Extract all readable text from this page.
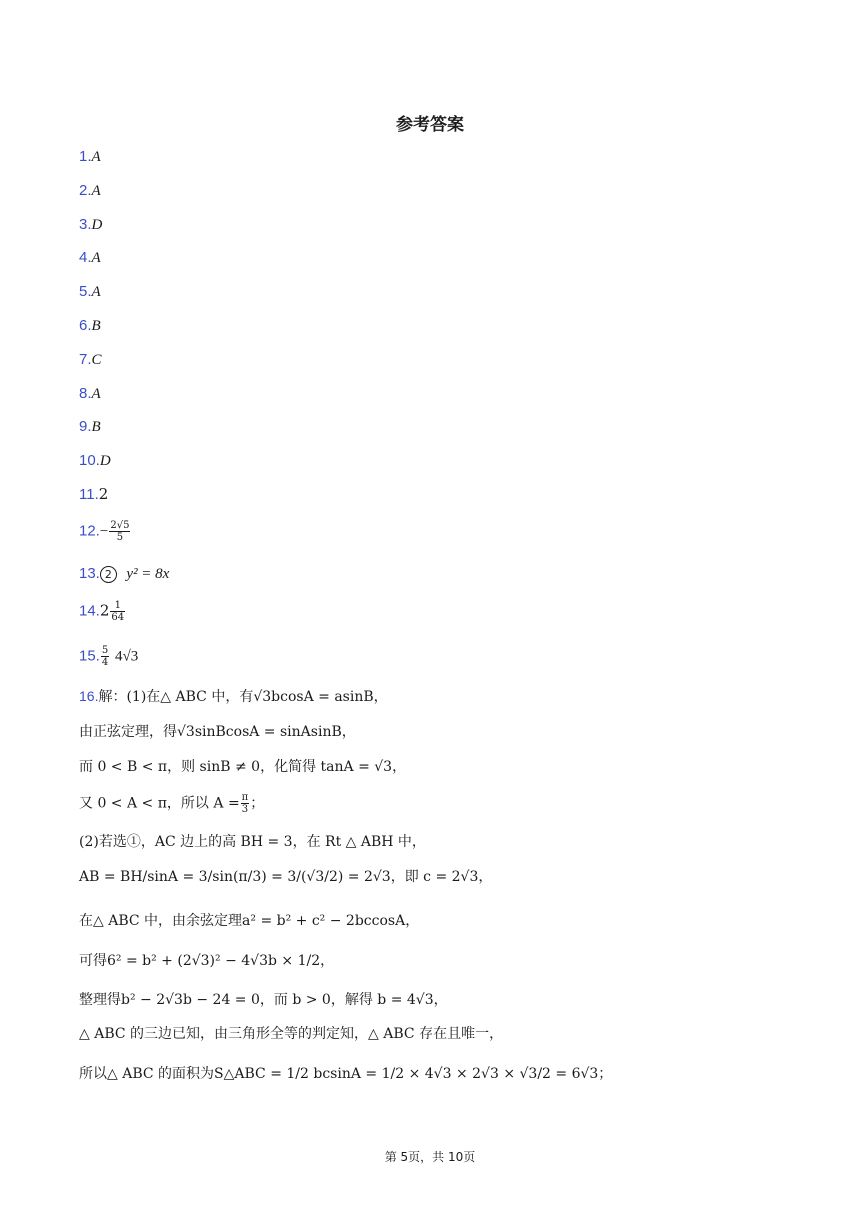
参考答案
1.A
2.A
3.D
4.A
5.A
6.B
7.C
8.A
9.B
10.D
11.2
$12.- \frac{2√5}{5}$
13. 2 y² = 8x
$14.2 \frac{1}{64}$
15. $\frac{5}{4} 4√3$
16.解：(1)在△ ABC 中，有√3bcosA = asinB，
由正弦定理，得√3sinBcosA = sinAsinB，
而 0 < B < π，则 sinB ≠ 0，化简得 tanA = √3，
又 0 < A < π，所以 $A = \frac{\pi}{3}$ ；
(2)若选①，AC 边上的高 BH = 3，在 Rt △ ABH 中，
AB = BH/sinA = 3/sin(π/3) = 3/(√3/2) = 2√3，即 c = 2√3，
在△ ABC 中，由余弦定理a² = b² + c² − 2bccosA，
可得6² = b² + (2√3)² − 4√3b × 1/2，
整理得b² − 2√3b − 24 = 0，而 b > 0，解得 b = 4√3，
△ ABC 的三边已知，由三角形全等的判定知，△ ABC 存在且唯一，
所以△ ABC 的面积为S△ABC = 1/2 bcsinA = 1/2 × 4√3 × 2√3 × √3/2 = 6√3；
第 5页，共 10页
